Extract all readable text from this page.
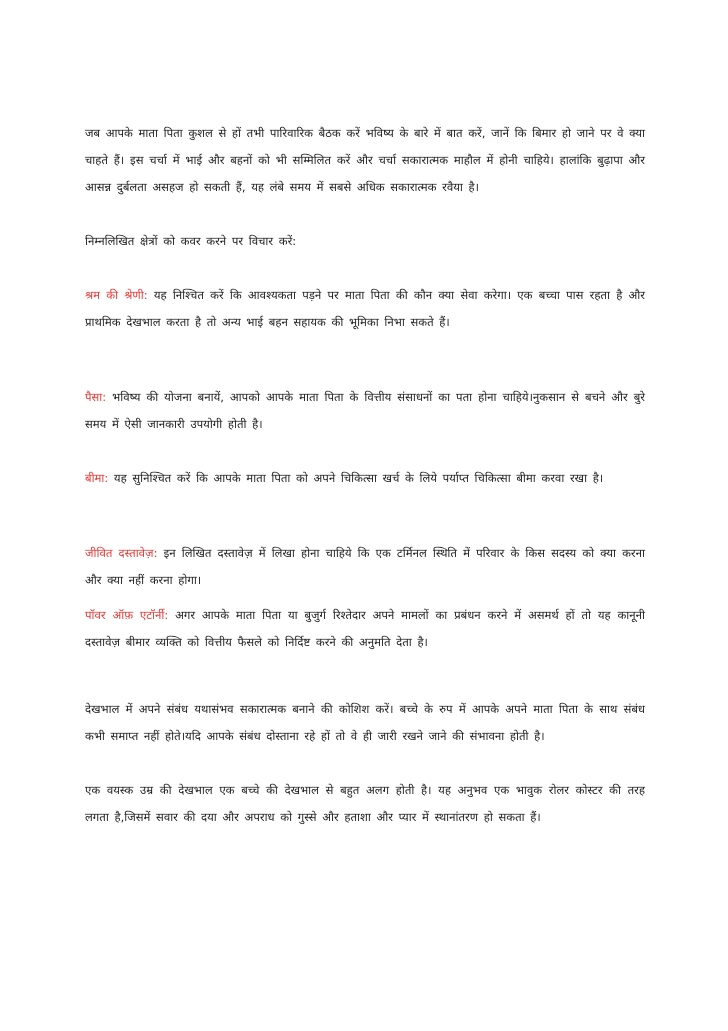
जब आपके माता पिता कुशल से हों तभी पारिवारिक बैठक करें भविष्य के बारे में बात करें, जानें कि बिमार हो जाने पर वे क्या चाहते हैं। इस चर्चा में भाई और बहनों को भी सम्मिलित करें और चर्चा सकारात्मक माहौल में होनी चाहिये। हालांकि बुढ़ापा और आसन्न दुर्बलता असहज हो सकती हैं, यह लंबे समय में सबसे अधिक सकारात्मक रवैया है।

निम्नलिखित क्षेत्रों को कवर करने पर विचार करें:

श्रम की श्रेणी: यह निश्चित करें कि आवश्यकता पड़ने पर माता पिता की कौन क्या सेवा करेगा। एक बच्चा पास रहता है और प्राथमिक देखभाल करता है तो अन्य भाई बहन सहायक की भूमिका निभा सकते हैं।

पैसा: भविष्य की योजना बनायें, आपको आपके माता पिता के वित्तीय संसाधनों का पता होना चाहिये।नुकसान से बचने और बुरे समय में ऐसी जानकारी उपयोगी होती है।

बीमा: यह सुनिश्चित करें कि आपके माता पिता को अपने चिकित्सा खर्च के लिये पर्याप्त चिकित्सा बीमा करवा रखा है।

जीवित दस्तावेज़: इन लिखित दस्तावेज़ में लिखा होना चाहिये कि एक टर्मिनल स्थिति में परिवार के किस सदस्य को क्या करना और क्या नहीं करना होगा।

पॉवर ऑफ़ एटॉर्नी: अगर आपके माता पिता या बुजुर्ग रिश्तेदार अपने मामलों का प्रबंधन करने में असमर्थ हों तो यह कानूनी दस्तावेज़ बीमार व्यक्ति को वित्तीय फैसले को निर्दिष्ट करने की अनुमति देता है।

देखभाल में अपने संबंध यथासंभव सकारात्मक बनाने की कोशिश करें। बच्चे के रुप में आपके अपने माता पिता के साथ संबंध कभी समाप्त नहीं होते।यदि आपके संबंध दोस्ताना रहे हों तो वे ही जारी रखने जाने की संभावना होती है।

एक वयस्क उम्र की देखभाल एक बच्चे की देखभाल से बहुत अलग होती है। यह अनुभव एक भावुक रोलर कोस्टर की तरह लगता है,जिसमें सवार की दया और अपराध को गुस्से और हताशा और प्यार में स्थानांतरण हो सकता हैं।
